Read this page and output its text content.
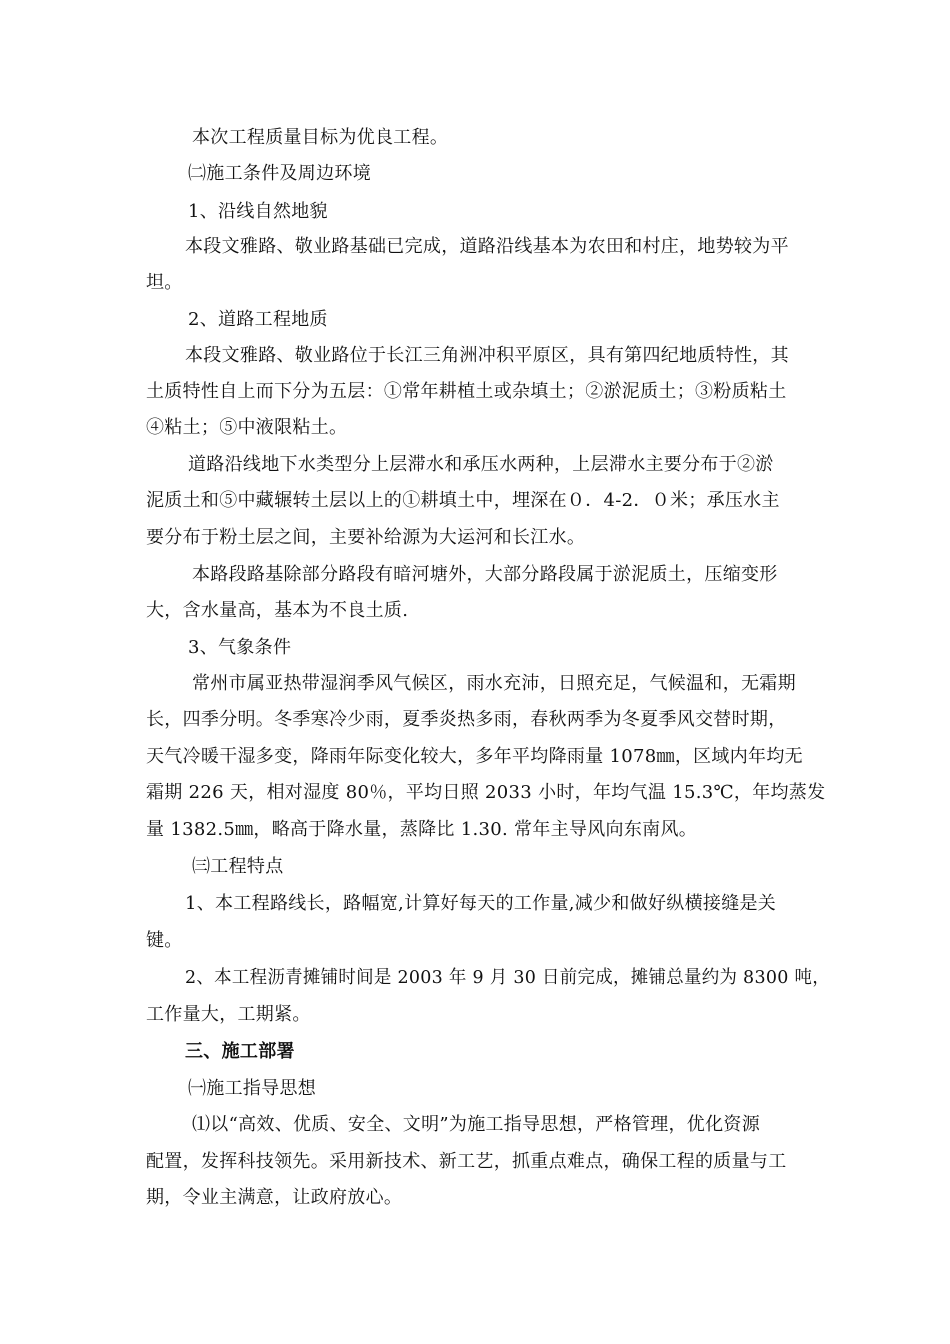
本次工程质量目标为优良工程。
㈡施工条件及周边环境
1、沿线自然地貌
本段文雅路、敬业路基础已完成，道路沿线基本为农田和村庄，地势较为平
坦。
2、道路工程地质
本段文雅路、敬业路位于长江三角洲冲积平原区，具有第四纪地质特性，其
土质特性自上而下分为五层：①常年耕植土或杂填土；②淤泥质土；③粉质粘土
④粘土；⑤中液限粘土。
道路沿线地下水类型分上层滞水和承压水两种，上层滞水主要分布于②淤
泥质土和⑤中藏辗转土层以上的①耕填土中，埋深在０．4-2．０米；承压水主
要分布于粉土层之间，主要补给源为大运河和长江水。
本路段路基除部分路段有暗河塘外，大部分路段属于淤泥质土，压缩变形
大，含水量高，基本为不良土质.
3、气象条件
常州市属亚热带湿润季风气候区，雨水充沛，日照充足，气候温和，无霜期
长，四季分明。冬季寒冷少雨，夏季炎热多雨，春秋两季为冬夏季风交替时期，
天气冷暖干湿多变，降雨年际变化较大，多年平均降雨量 1078㎜，区域内年均无
霜期 226 天，相对湿度 80％，平均日照 2033 小时，年均气温 15.3℃，年均蒸发
量 1382.5㎜，略高于降水量，蒸降比 1.30. 常年主导风向东南风。
㈢工程特点
1、本工程路线长，路幅宽,计算好每天的工作量,减少和做好纵横接缝是关
键。
2、本工程沥青摊铺时间是 2003 年 9 月 30 日前完成，摊铺总量约为 8300 吨，
工作量大，工期紧。
三、施工部署
㈠施工指导思想
⑴以“高效、优质、安全、文明”为施工指导思想，严格管理，优化资源
配置，发挥科技领先。采用新技术、新工艺，抓重点难点，确保工程的质量与工
期，令业主满意，让政府放心。
